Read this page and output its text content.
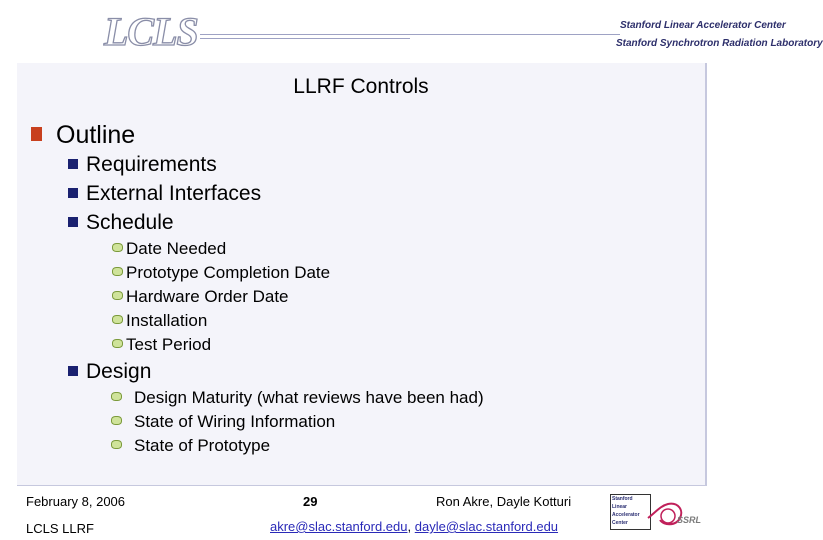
LCLS	Stanford Linear Accelerator Center
Stanford Synchrotron Radiation Laboratory
LLRF Controls
Outline
Requirements
External Interfaces
Schedule
Date Needed
Prototype Completion Date
Hardware Order Date
Installation
Test Period
Design
Design Maturity (what reviews have been had)
State of Wiring Information
State of Prototype
February 8, 2006
LCLS LLRF
29	Ron Akre, Dayle Kotturi
akre@slac.stanford.edu, dayle@slac.stanford.edu
Stanford
Linear
Accelerator
Center	SSRL
